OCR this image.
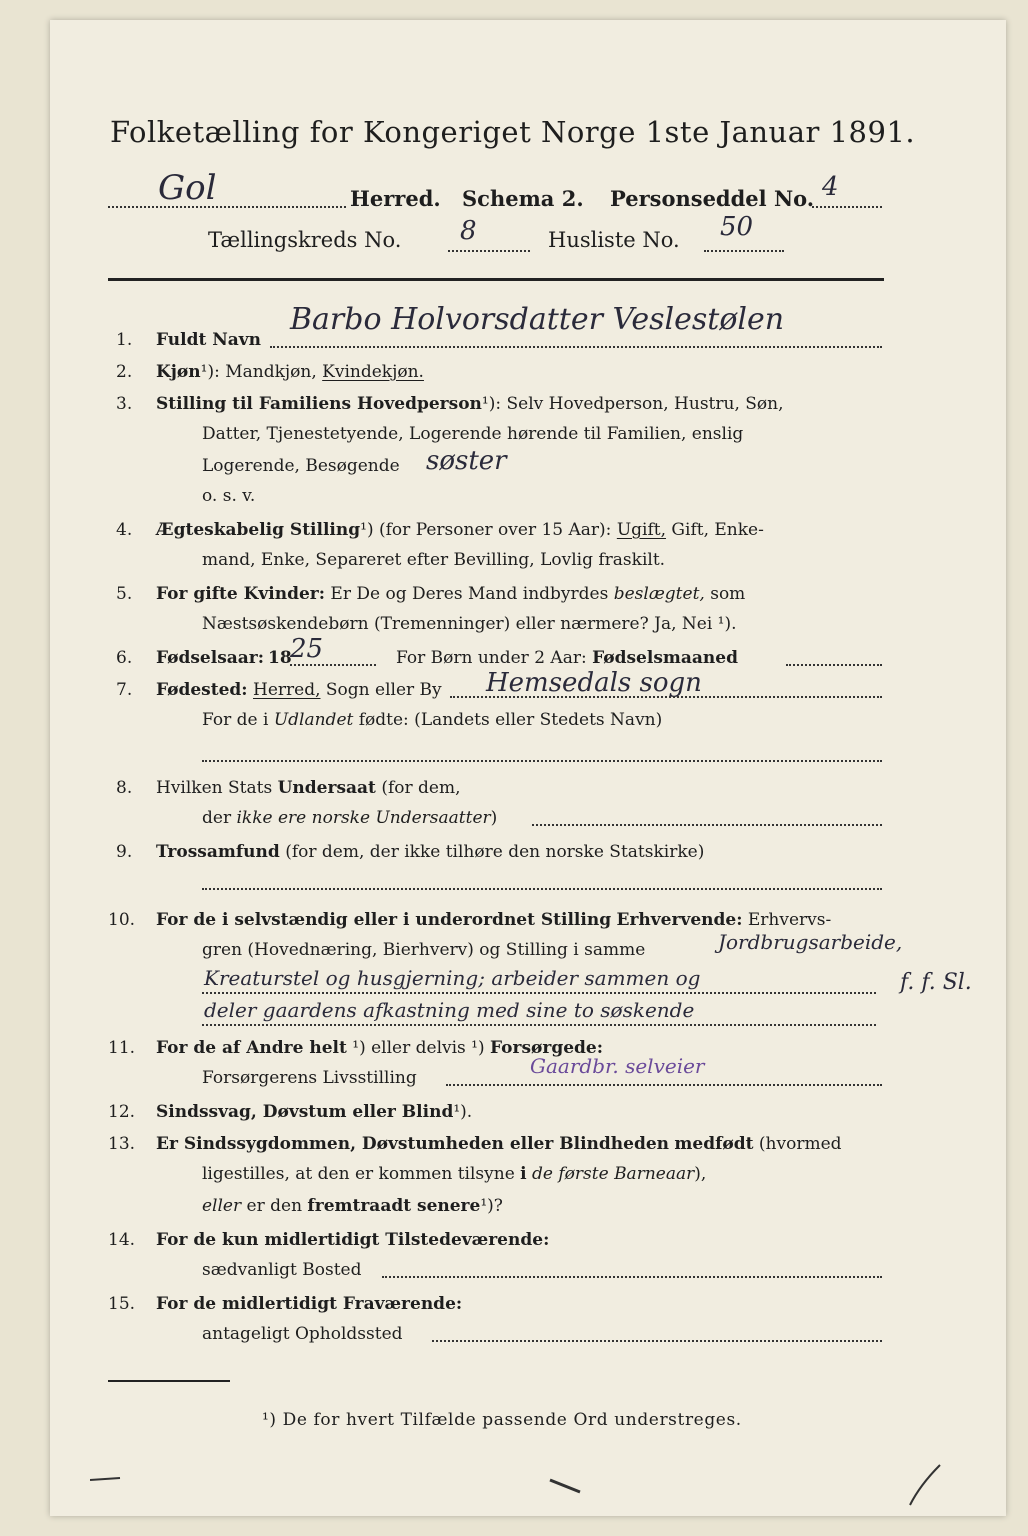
Folketælling for Kongeriget Norge 1ste Januar 1891.
Gol	Herred. Schema 2. Personseddel No. 4
Tællingskreds No. 8	Husliste No. 50
1. Fuldt Navn
Barbo Holvorsdatter Veslestølen
2. Kjøn¹): Mandkjøn, Kvindekjøn.
3. Stilling til Familiens Hovedperson¹): Selv Hovedperson, Hustru, Søn,
Datter, Tjenestetyende, Logerende hørende til Familien, enslig
Logerende, Besøgende søster
o. s. v.
4. Ægteskabelig Stilling¹) (for Personer over 15 Aar): Ugift, Gift, Enke-
mand, Enke, Separeret efter Bevilling, Lovlig fraskilt.
5. For gifte Kvinder: Er De og Deres Mand indbyrdes beslægtet, som
Næstsøskendebørn (Tremenninger) eller nærmere? Ja, Nei ¹).
6. Fødselsaar: 18
25	For Børn under 2 Aar: Fødselsmaaned
7. Fødested: Herred, Sogn eller By Hemsedals sogn
For de i Udlandet fødte: (Landets eller Stedets Navn)
8. Hvilken Stats Undersaat (for dem,
der ikke ere norske Undersaatter)
9. Trossamfund (for dem, der ikke tilhøre den norske Statskirke)
10. For de i selvstændig eller i underordnet Stilling Erhvervende: Erhvervs-
gren (Hovednæring, Bierhverv) og Stilling i samme	Jordbrugsarbeide,
Kreaturstel og husgjerning; arbeider sammen og
deler gaardens afkastning med sine to søskende
f. f. Sl.
11. For de af Andre helt ¹) eller delvis ¹) Forsørgede:
Forsørgerens Livsstilling	Gaardbr. selveier
12. Sindssvag, Døvstum eller Blind¹).
13. Er Sindssygdommen, Døvstumheden eller Blindheden medfødt (hvormed
ligestilles, at den er kommen tilsyne i de første Barneaar),
eller er den fremtraadt senere¹)?
14. For de kun midlertidigt Tilstedeværende:
sædvanligt Bosted
15. For de midlertidigt Fraværende:
antageligt Opholdssted
¹) De for hvert Tilfælde passende Ord understreges.
